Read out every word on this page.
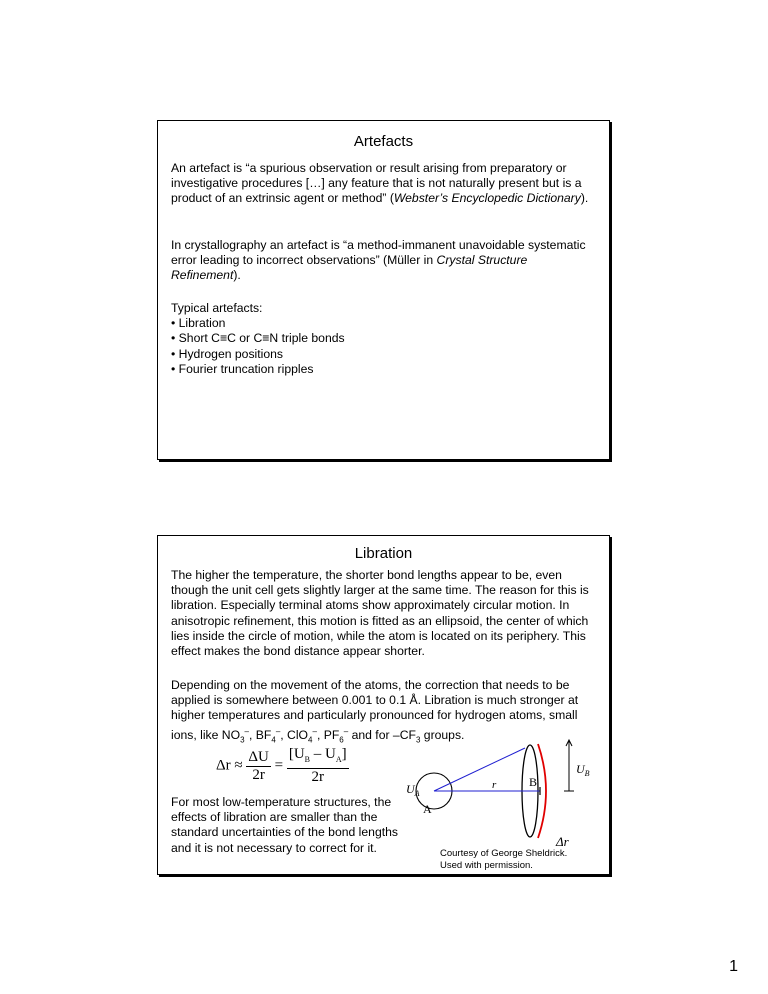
Artefacts

An artefact is “a spurious observation or result arising from preparatory or investigative procedures […] any feature that is not naturally present but is a product of an extrinsic agent or method” (Webster’s Encyclopedic Dictionary).

In crystallography an artefact is “a method-immanent unavoidable systematic error leading to incorrect observations” (Müller in Crystal Structure Refinement).

Typical artefacts:
• Libration
• Short C≡C or C≡N triple bonds
• Hydrogen positions
• Fourier truncation ripples
Libration

The higher the temperature, the shorter bond lengths appear to be, even though the unit cell gets slightly larger at the same time. The reason for this is libration. Especially terminal atoms show approximately circular motion. In anisotropic refinement, this motion is fitted as an ellipsoid, the center of which lies inside the circle of motion, while the atom is located on its periphery. This effect makes the bond distance appear shorter.

Depending on the movement of the atoms, the correction that needs to be applied is somewhere between 0.001 to 0.1 Å. Libration is much stronger at higher temperatures and particularly pronounced for hydrogen atoms, small ions, like $NO_3^-$, $BF_4^-$, ClO$_4$–, $PF_6^-$ and for $-CF_3$ groups.

$\Delta r \approx \frac{\Delta U}{2r} = \frac{[U_B - U_A]}{2r}$

For most low-temperature structures, the effects of libration are smaller than the standard uncertainties of the bond lengths and it is not necessary to correct for it.	Δr
$U_A$
A
r	B
$U_B$
Courtesy of George Sheldrick.
Used with permission.
1
